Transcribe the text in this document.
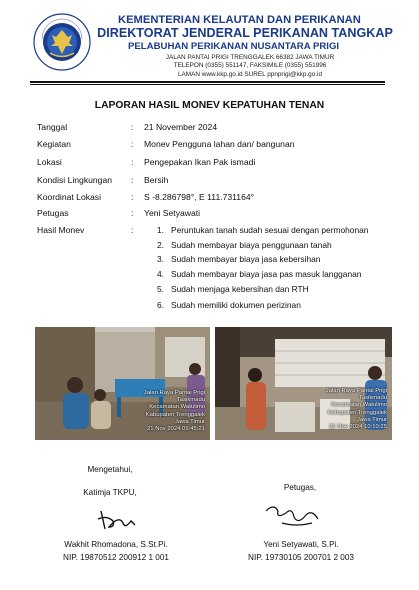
KEMENTERIAN KELAUTAN DAN PERIKANAN
DIREKTORAT JENDERAL PERIKANAN TANGKAP
PELABUHAN PERIKANAN NUSANTARA PRIGI
JALAN PANTAI PRIGI TRENGGALEK 66382 JAWA TIMUR
TELEPON (0355) 551147, FAKSIMILE (0355) 551996
LAMAN www.kkp.go.id SUREL ppnprigi@kkp.go.id
LAPORAN HASIL MONEV KEPATUHAN TENAN
Tanggal	: 21 November 2024
Kegiatan	: Monev Pengguna lahan dan/ bangunan
Lokasi	: Pengepakan Ikan Pak ismadi
Kondisi Lingkungan : Bersih
Koordinat Lokasi	: S -8.286798°, E 111.731164°
Petugas	: Yeni Setyawati
Hasil Monev	:	1. Peruntukan tanah sudah sesuai dengan permohonan
2. Sudah membayar biaya penggunaan tanah
3. Sudah membayar biaya jasa kebersihan
4. Sudah membayar biaya jasa pas masuk langganan
5. Sudah menjaga kebersihan dan RTH
6. Sudah memiliki dokumen perizinan
Jalan Raya Pantai Prigi
Tasikmadu
Kecamatan Watulimo
Kabupaten Trenggalek
Jawa Timur
21 Nov 2024 09:45:21
Jalan Raya Pantai Prigi
Tasikmadu
Kecamatan Watulimo
Kabupaten Trenggalek
Jawa Timur
21 Nov 2024 10:10:25
Mengetahui,
Katimja TKPU,
Wakhit Rhomadona, S.St.Pi.
NIP. 19870512 200912 1 001
Petugas,
Yeni Setyawati, S.Pi.
NIP. 19730105 200701 2 003
